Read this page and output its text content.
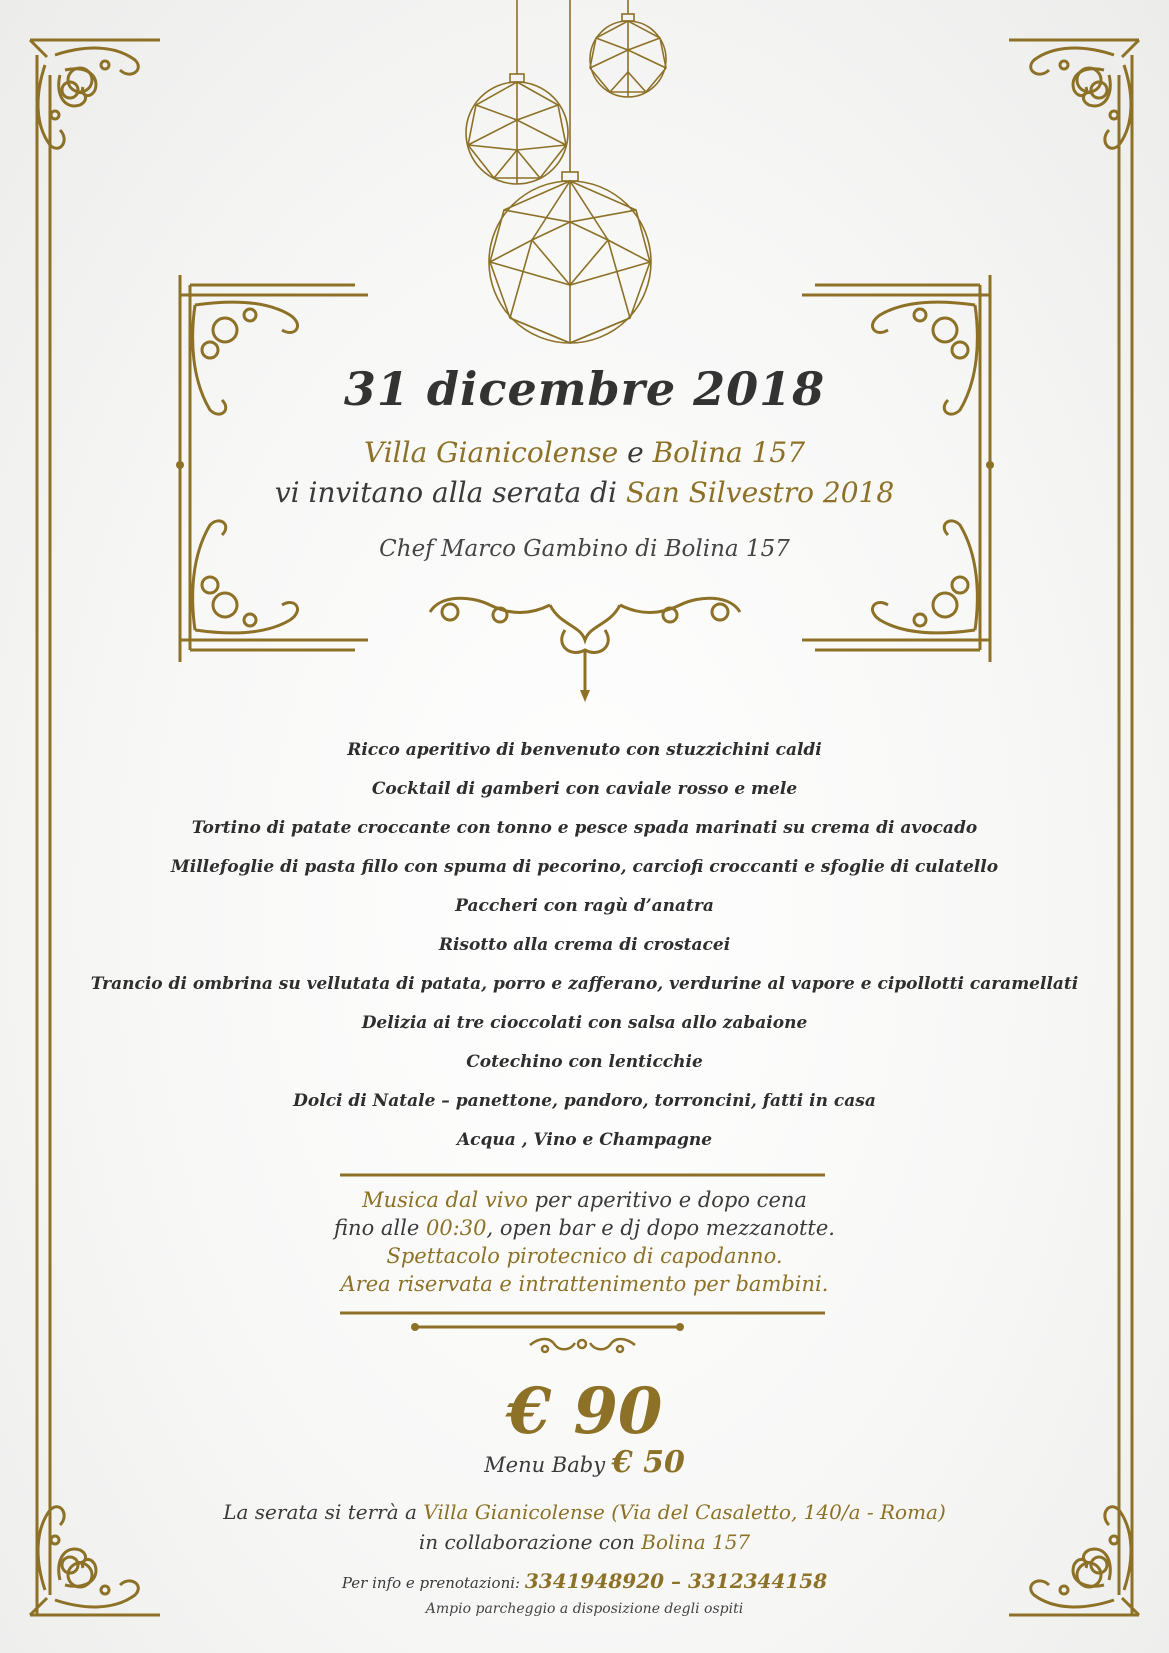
31 dicembre 2018
Villa Gianicolense e Bolina 157
vi invitano alla serata di San Silvestro 2018
Chef Marco Gambino di Bolina 157
Ricco aperitivo di benvenuto con stuzzichini caldi
Cocktail di gamberi con caviale rosso e mele
Tortino di patate croccante con tonno e pesce spada marinati su crema di avocado
Millefoglie di pasta fillo con spuma di pecorino, carciofi croccanti e sfoglie di culatello
Paccheri con ragù d’anatra
Risotto alla crema di crostacei
Trancio di ombrina su vellutata di patata, porro e zafferano, verdurine al vapore e cipollotti caramellati
Delizia ai tre cioccolati con salsa allo zabaione
Cotechino con lenticchie
Dolci di Natale – panettone, pandoro, torroncini, fatti in casa
Acqua , Vino e Champagne
Musica dal vivo per aperitivo e dopo cena
fino alle 00:30, open bar e dj dopo mezzanotte.
Spettacolo pirotecnico di capodanno.
Area riservata e intrattenimento per bambini.
€ 90
Menu Baby € 50
La serata si terrà a Villa Gianicolense (Via del Casaletto, 140/a - Roma)
in collaborazione con Bolina 157
Per info e prenotazioni: 3341948920 – 3312344158
Ampio parcheggio a disposizione degli ospiti
